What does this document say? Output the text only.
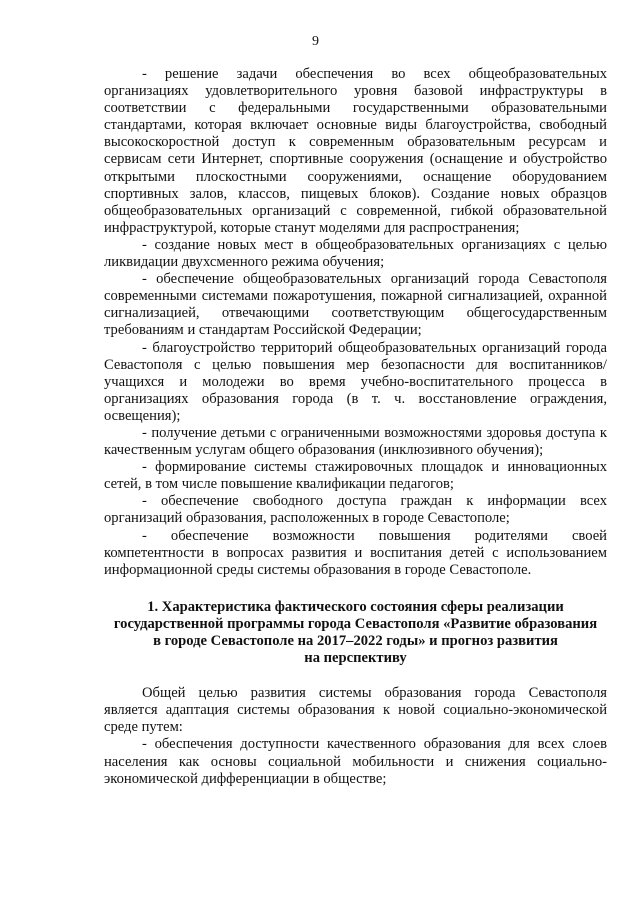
9

- решение задачи обеспечения во всех общеобразовательных организациях удовлетворительного уровня базовой инфраструктуры в соответствии с федеральными государственными образовательными стандартами, которая включает основные виды благоустройства, свободный высокоскоростной доступ к современным образовательным ресурсам и сервисам сети Интернет, спортивные сооружения (оснащение и обустройство открытыми плоскостными сооружениями, оснащение оборудованием спортивных залов, классов, пищевых блоков). Создание новых образцов общеобразовательных организаций с современной, гибкой образовательной инфраструктурой, которые станут моделями для распространения;

- создание новых мест в общеобразовательных организациях с целью ликвидации двухсменного режима обучения;

- обеспечение общеобразовательных организаций города Севастополя современными системами пожаротушения, пожарной сигнализацией, охранной сигнализацией, отвечающими соответствующим общегосударственным требованиям и стандартам Российской Федерации;

- благоустройство территорий общеобразовательных организаций города Севастополя с целью повышения мер безопасности для воспитанников/учащихся и молодежи во время учебно-воспитательного процесса в организациях образования города (в т. ч. восстановление ограждения, освещения);

- получение детьми с ограниченными возможностями здоровья доступа к качественным услугам общего образования (инклюзивного обучения);

- формирование системы стажировочных площадок и инновационных сетей, в том числе повышение квалификации педагогов;

- обеспечение свободного доступа граждан к информации всех организаций образования, расположенных в городе Севастополе;

- обеспечение возможности повышения родителями своей компетентности в вопросах развития и воспитания детей с использованием информационной среды системы образования в городе Севастополе.

1. Характеристика фактического состояния сферы реализации
государственной программы города Севастополя «Развитие образования
в городе Севастополе на 2017–2022 годы» и прогноз развития
на перспективу

Общей целью развития системы образования города Севастополя является адаптация системы образования к новой социально-экономической среде путем:

- обеспечения доступности качественного образования для всех слоев населения как основы социальной мобильности и снижения социально-экономической дифференциации в обществе;
